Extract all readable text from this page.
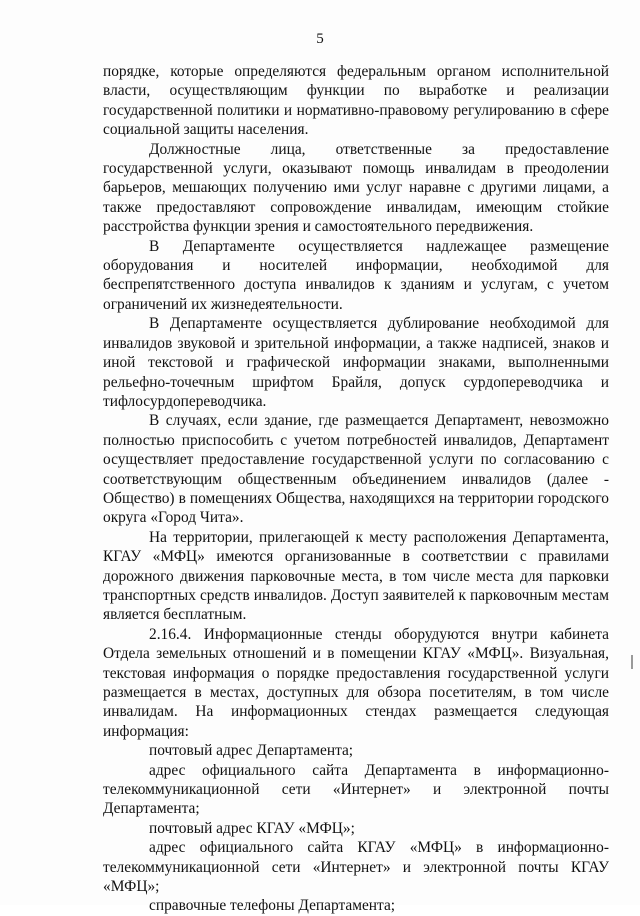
5

порядке, которые определяются федеральным органом исполнительной власти, осуществляющим функции по выработке и реализации государственной политики и нормативно-правовому регулированию в сфере социальной защиты населения.

Должностные лица, ответственные за предоставление государственной услуги, оказывают помощь инвалидам в преодолении барьеров, мешающих получению ими услуг наравне с другими лицами, а также предоставляют сопровождение инвалидам, имеющим стойкие расстройства функции зрения и самостоятельного передвижения.

В Департаменте осуществляется надлежащее размещение оборудования и носителей информации, необходимой для беспрепятственного доступа инвалидов к зданиям и услугам, с учетом ограничений их жизнедеятельности.

В Департаменте осуществляется дублирование необходимой для инвалидов звуковой и зрительной информации, а также надписей, знаков и иной текстовой и графической информации знаками, выполненными рельефно-точечным шрифтом Брайля, допуск сурдопереводчика и тифлосурдопереводчика.

В случаях, если здание, где размещается Департамент, невозможно полностью приспособить с учетом потребностей инвалидов, Департамент осуществляет предоставление государственной услуги по согласованию с соответствующим общественным объединением инвалидов (далее - Общество) в помещениях Общества, находящихся на территории городского округа «Город Чита».

На территории, прилегающей к месту расположения Департамента, КГАУ «МФЦ» имеются организованные в соответствии с правилами дорожного движения парковочные места, в том числе места для парковки транспортных средств инвалидов. Доступ заявителей к парковочным местам является бесплатным.

2.16.4. Информационные стенды оборудуются внутри кабинета Отдела земельных отношений и в помещении КГАУ «МФЦ». Визуальная, текстовая информация о порядке предоставления государственной услуги размещается в местах, доступных для обзора посетителям, в том числе инвалидам. На информационных стендах размещается следующая информация:

почтовый адрес Департамента;

адрес официального сайта Департамента в информационно-телекоммуникационной сети «Интернет» и электронной почты Департамента;

почтовый адрес КГАУ «МФЦ»;

адрес официального сайта КГАУ «МФЦ» в информационно-телекоммуникационной сети «Интернет» и электронной почты КГАУ «МФЦ»;

справочные телефоны Департамента;
